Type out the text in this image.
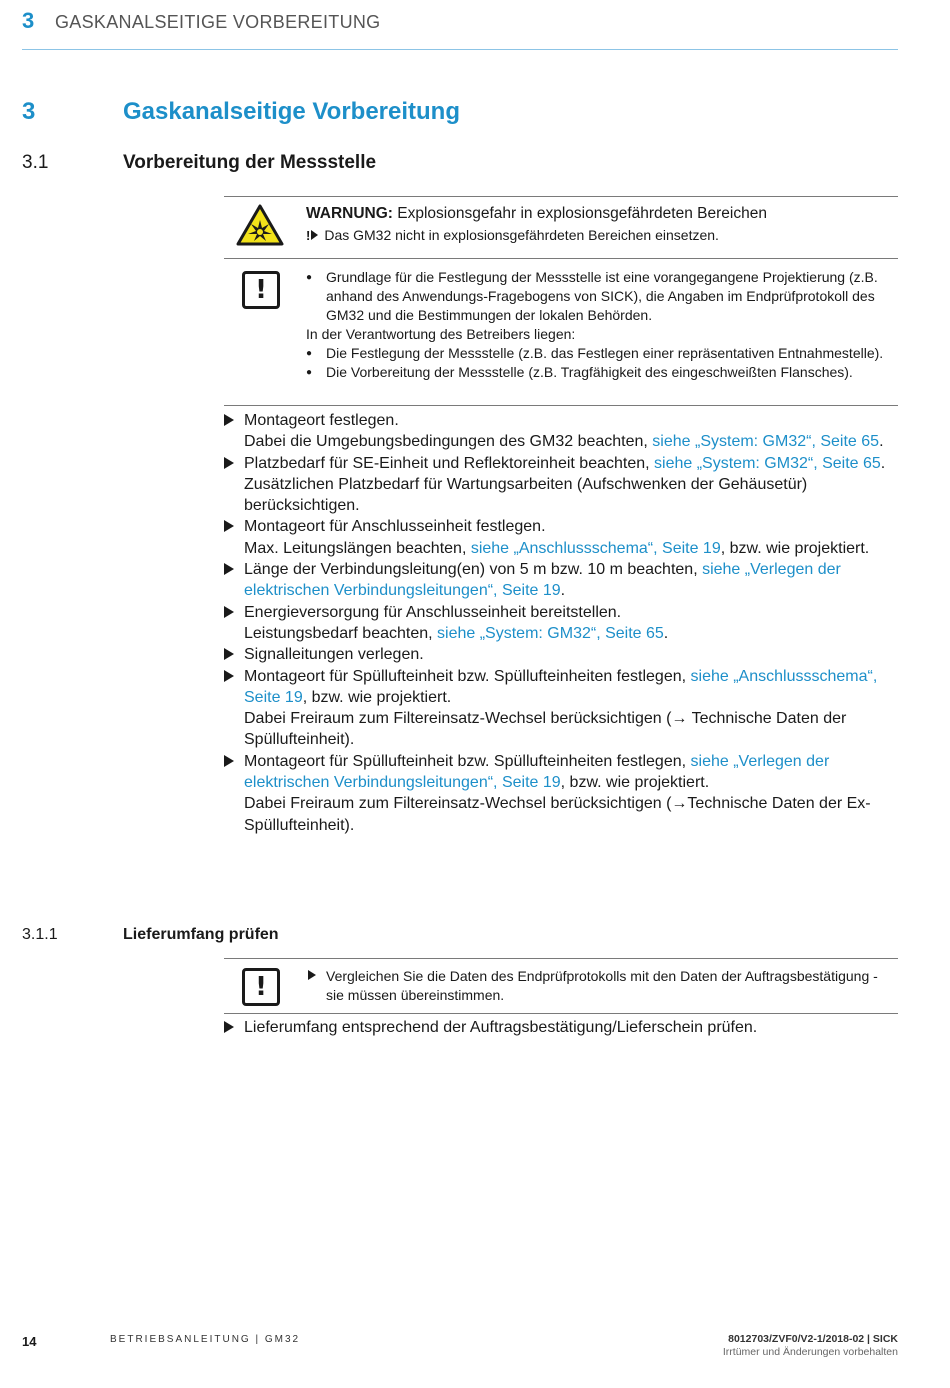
3 GASKANALSEITIGE VORBEREITUNG
3	Gaskanalseitige Vorbereitung
3.1	Vorbereitung der Messstelle
WARNUNG: Explosionsgefahr in explosionsgefährdeten Bereichen
! Das GM32 nicht in explosionsgefährdeten Bereichen einsetzen.
!
●	Grundlage für die Festlegung der Messstelle ist eine vorangegangene Projektierung (z.B. anhand des Anwendungs-Fragebogens von SICK), die Angaben im Endprüfprotokoll des GM32 und die Bestimmungen der lokalen Behörden.
In der Verantwortung des Betreibers liegen:
● Die Festlegung der Messstelle (z.B. das Festlegen einer repräsentativen Entnahmestelle).
● Die Vorbereitung der Messstelle (z.B. Tragfähigkeit des eingeschweißten Flansches).
Montageort festlegen.
Dabei die Umgebungsbedingungen des GM32 beachten, siehe „System: GM32“, Seite 65.
Platzbedarf für SE-Einheit und Reflektoreinheit beachten, siehe „System: GM32“, Seite 65.
Zusätzlichen Platzbedarf für Wartungsarbeiten (Aufschwenken der Gehäusetür) berücksichtigen.
Montageort für Anschlusseinheit festlegen.
Max. Leitungslängen beachten, siehe „Anschlussschema“, Seite 19, bzw. wie projektiert.
Länge der Verbindungsleitung(en) von 5 m bzw. 10 m beachten, siehe „Verlegen der elektrischen Verbindungsleitungen“, Seite 19.
Energieversorgung für Anschlusseinheit bereitstellen.
Leistungsbedarf beachten, siehe „System: GM32“, Seite 65.
Signalleitungen verlegen.
Montageort für Spüllufteinheit bzw. Spüllufteinheiten festlegen, siehe „Anschlussschema“, Seite 19, bzw. wie projektiert.
Dabei Freiraum zum Filtereinsatz-Wechsel berücksichtigen (→ Technische Daten der Spüllufteinheit).
Montageort für Spüllufteinheit bzw. Spüllufteinheiten festlegen, siehe „Verlegen der elektrischen Verbindungsleitungen“, Seite 19, bzw. wie projektiert.
Dabei Freiraum zum Filtereinsatz-Wechsel berücksichtigen (→Technische Daten der Ex-Spüllufteinheit).
3.1.1	Lieferumfang prüfen
!	Vergleichen Sie die Daten des Endprüfprotokolls mit den Daten der Auftragsbestätigung - sie müssen übereinstimmen.
Lieferumfang entsprechend der Auftragsbestätigung/Lieferschein prüfen.
14	BETRIEBSANLEITUNG | GM32	8012703/ZVF0/V2-1/2018-02 | SICK
Irrtümer und Änderungen vorbehalten
